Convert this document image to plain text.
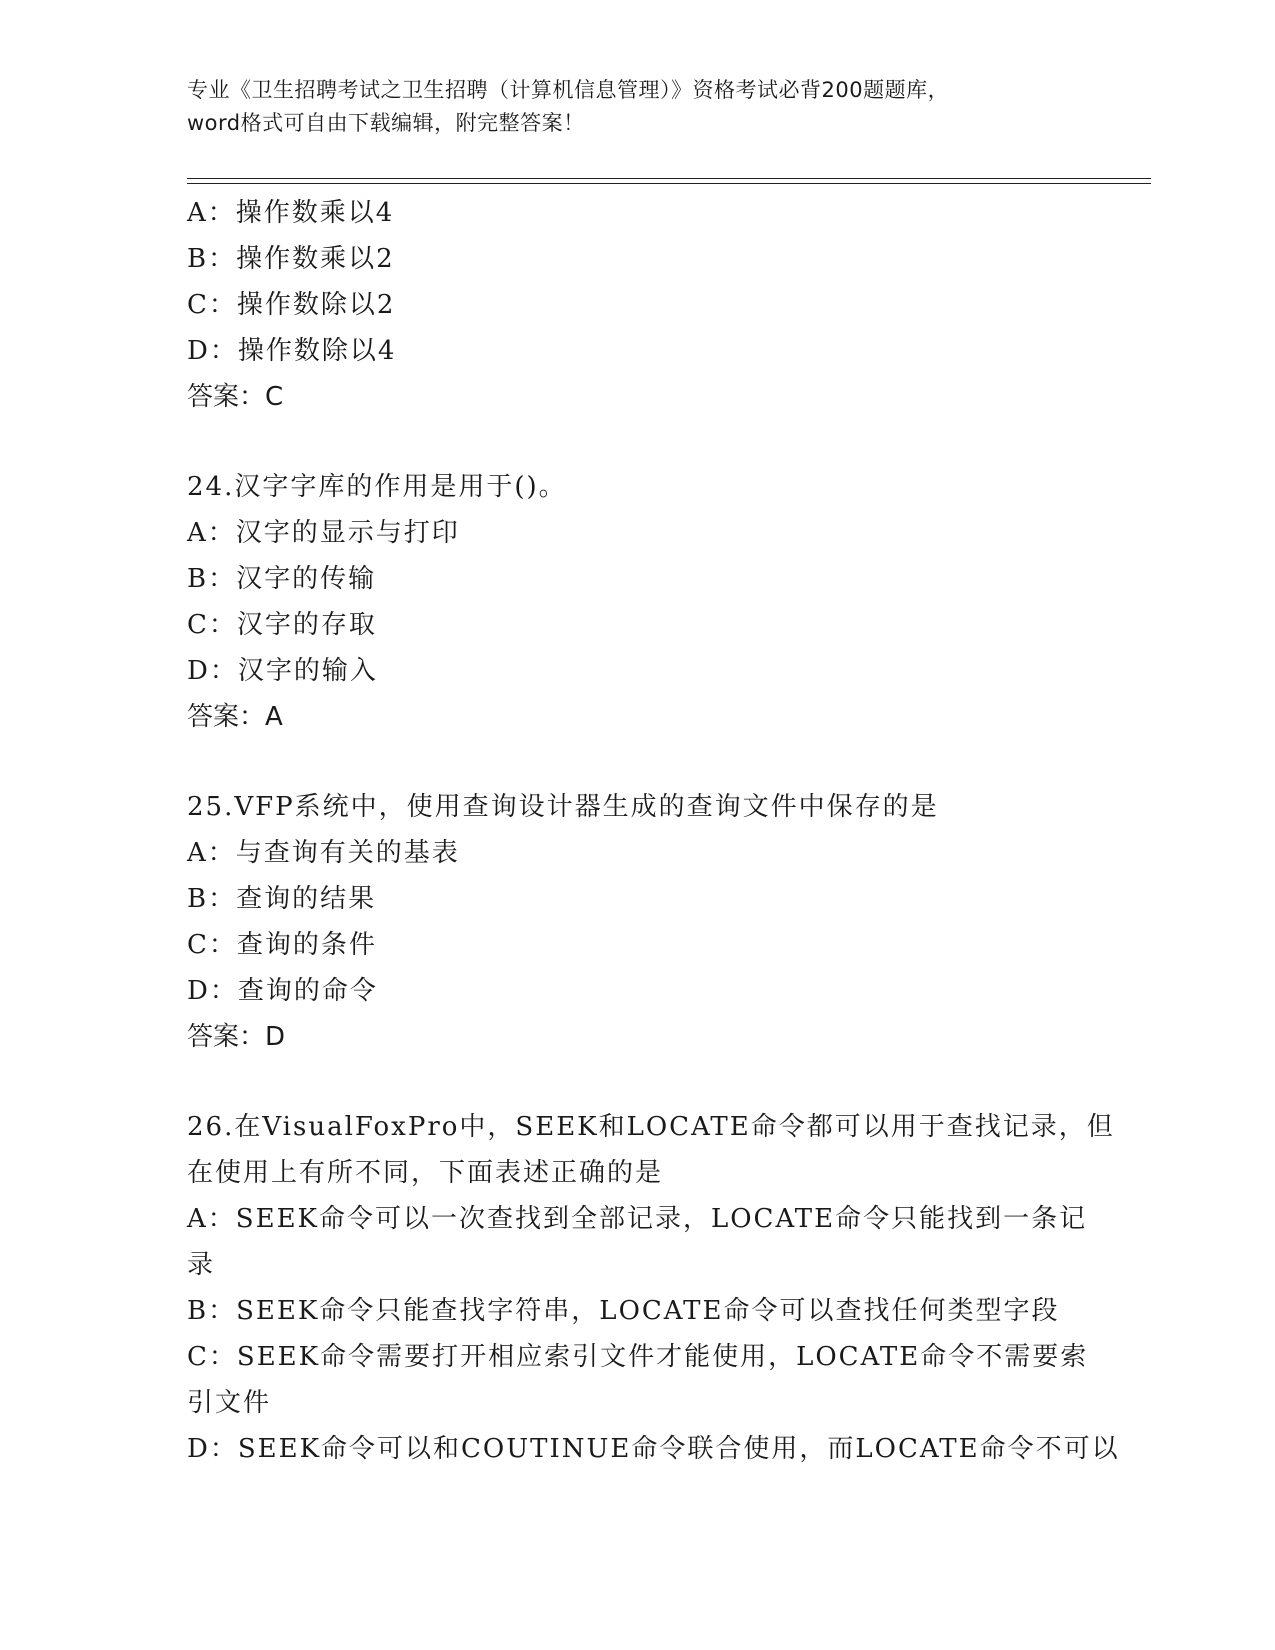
专业《卫生招聘考试之卫生招聘（计算机信息管理）》资格考试必背200题题库，
word格式可自由下载编辑，附完整答案！
A：操作数乘以4
B：操作数乘以2
C：操作数除以2
D：操作数除以4
答案：C
24.汉字字库的作用是用于()。
A：汉字的显示与打印
B：汉字的传输
C：汉字的存取
D：汉字的输入
答案：A
25.VFP系统中，使用查询设计器生成的查询文件中保存的是
A：与查询有关的基表
B：查询的结果
C：查询的条件
D：查询的命令
答案：D
26.在VisualFoxPro中，SEEK和LOCATE命令都可以用于查找记录，但
在使用上有所不同，下面表述正确的是
A：SEEK命令可以一次查找到全部记录，LOCATE命令只能找到一条记
录
B：SEEK命令只能查找字符串，LOCATE命令可以查找任何类型字段
C：SEEK命令需要打开相应索引文件才能使用，LOCATE命令不需要索
引文件
D：SEEK命令可以和COUTINUE命令联合使用，而LOCATE命令不可以
